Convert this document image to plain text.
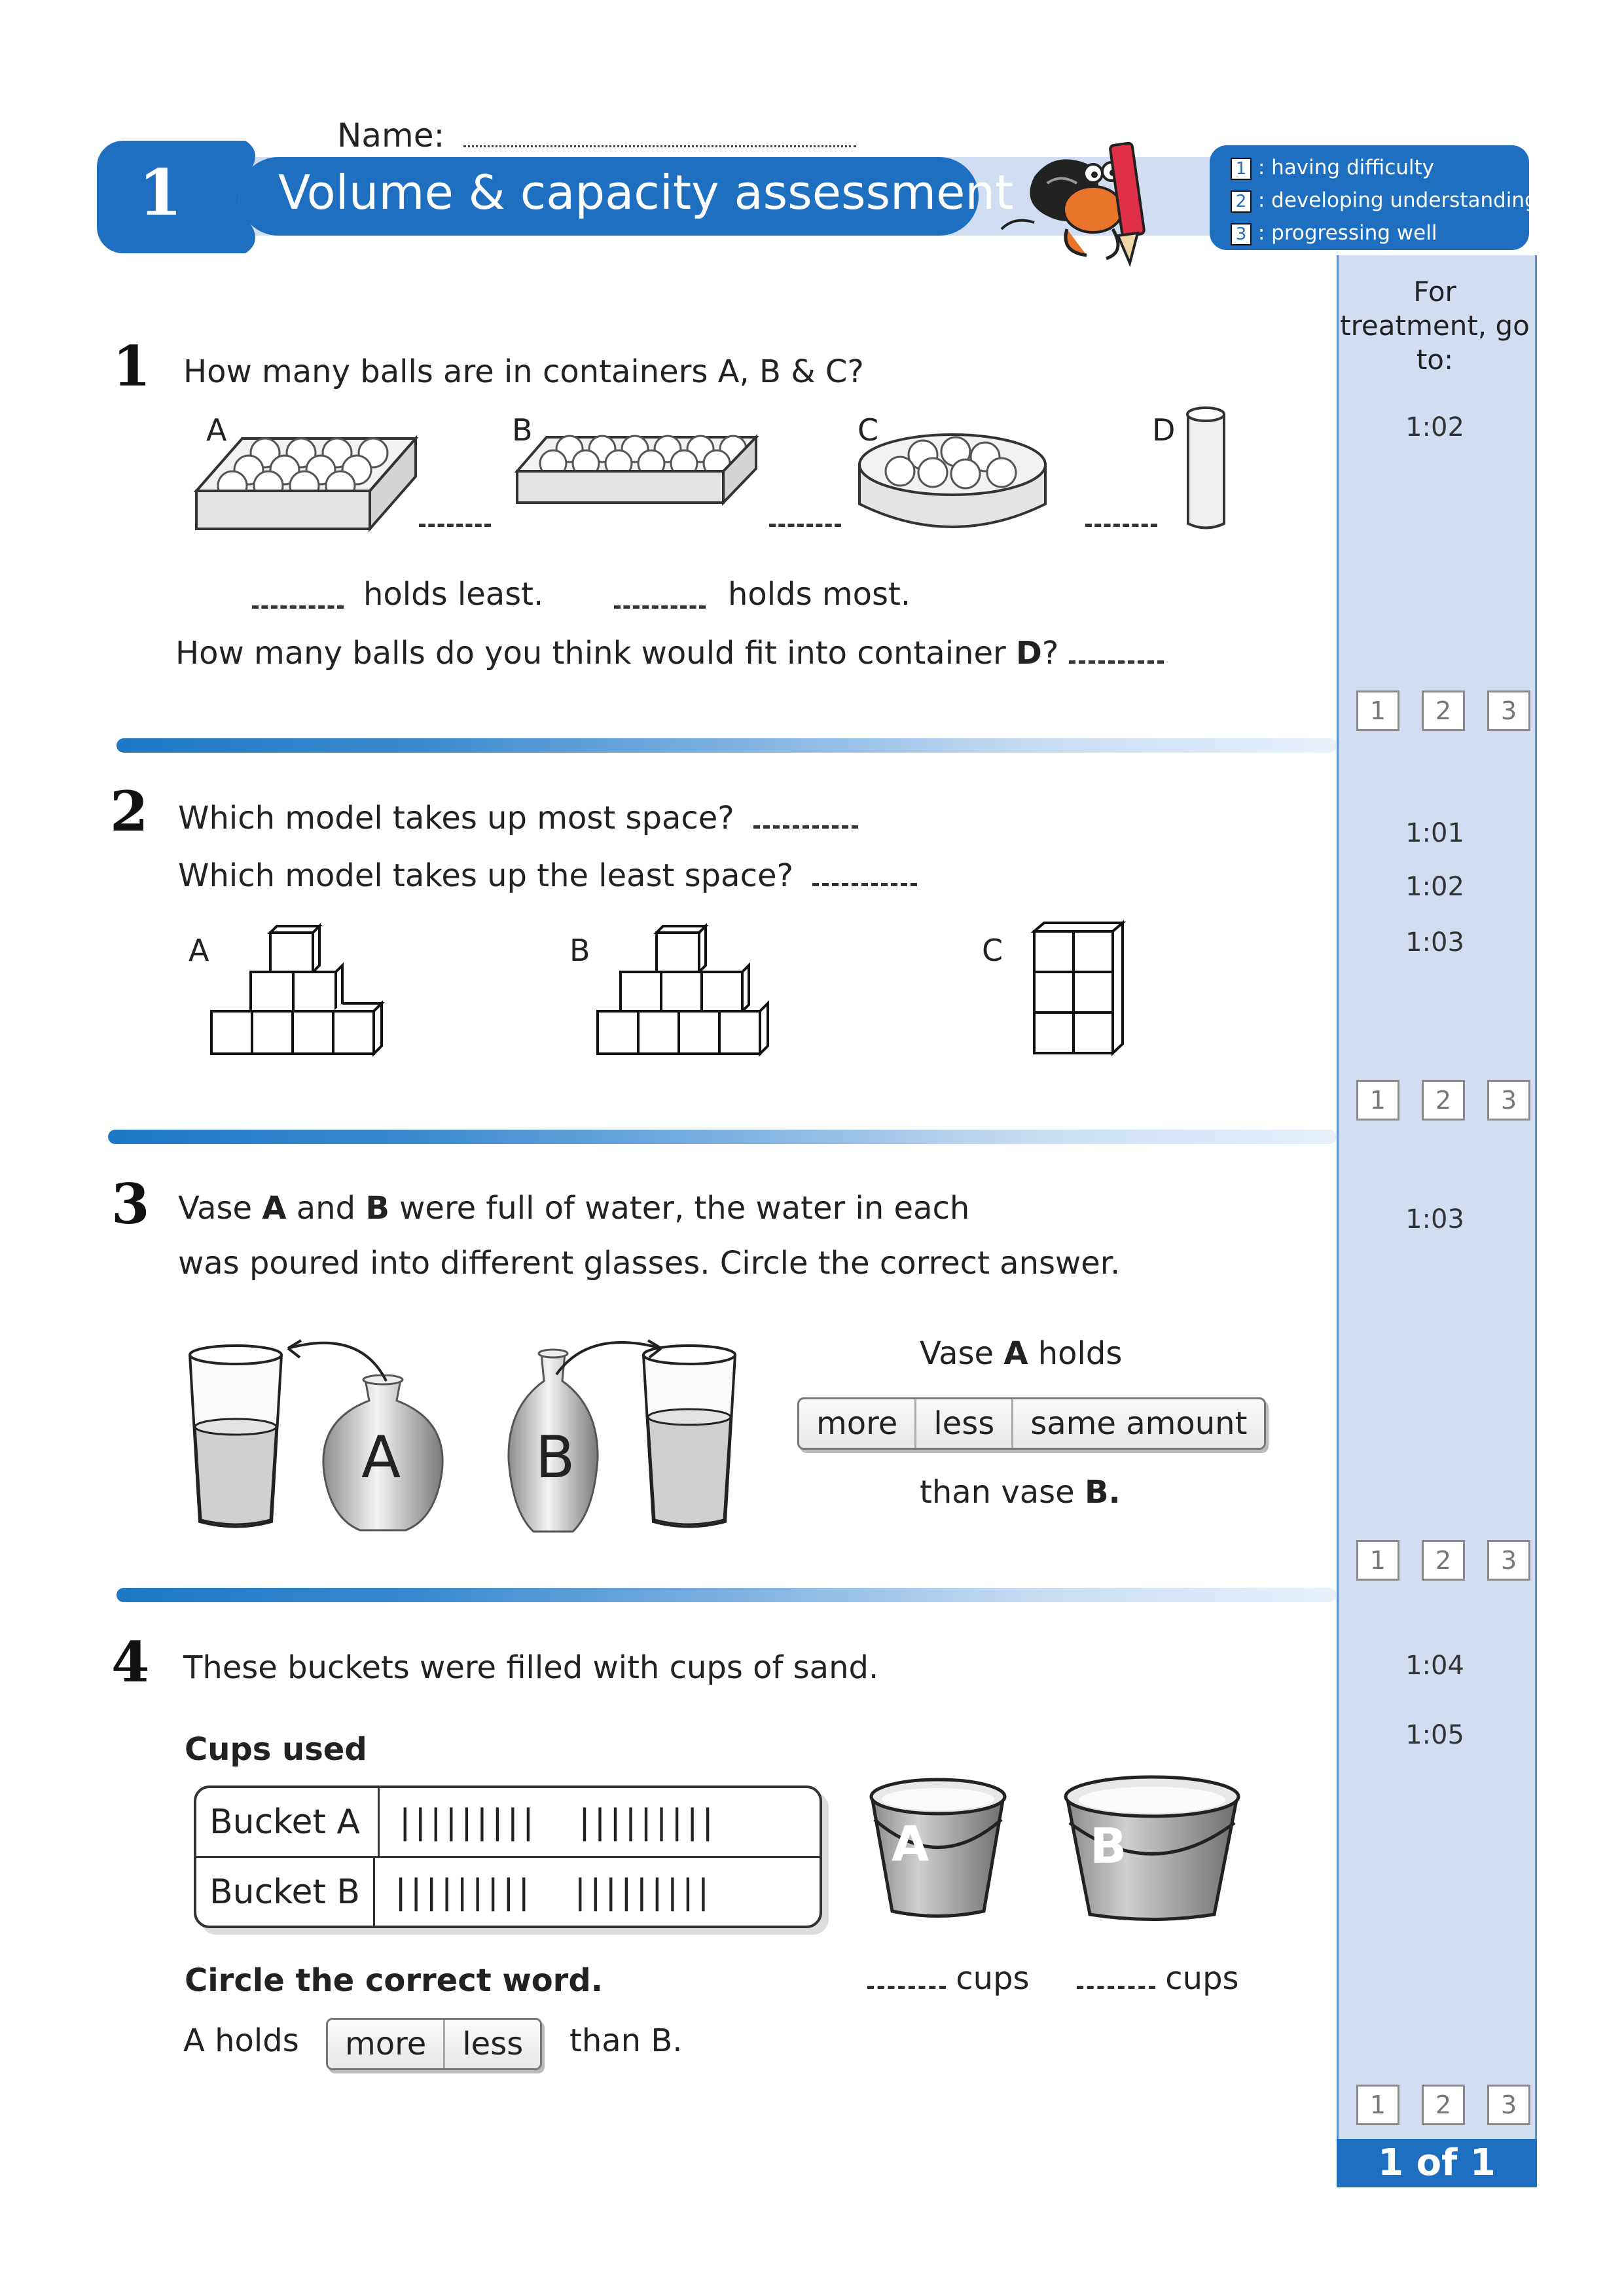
For treatment, go to:
Name:
1 Volume & capacity assessment	1 : having difficulty
2 : developing understanding
3 : progressing well
1 How many balls are in containers A, B & C?
A	B	C	D
holds least.	holds most.
How many balls do you think would fit into container D?
1:02
1	2	3
2 Which model takes up most space?
Which model takes up the least space?
A	B	C
1:01
1:02
1:03
1	2	3
3 Vase A and B were full of water, the water in each
was poured into different glasses. Circle the correct answer.
A B
Vase A holds
more	less	same amount
than vase B.
1:03
1	2	3
4 These buckets were filled with cups of sand.
Cups used
Bucket A	||||||||| |||||||||
Bucket B	||||||||| |||||||||
A	B
cups	cups
Circle the correct word.
A holds	more	less	than B.
1:04
1:05
1	2	3
1 of 1
